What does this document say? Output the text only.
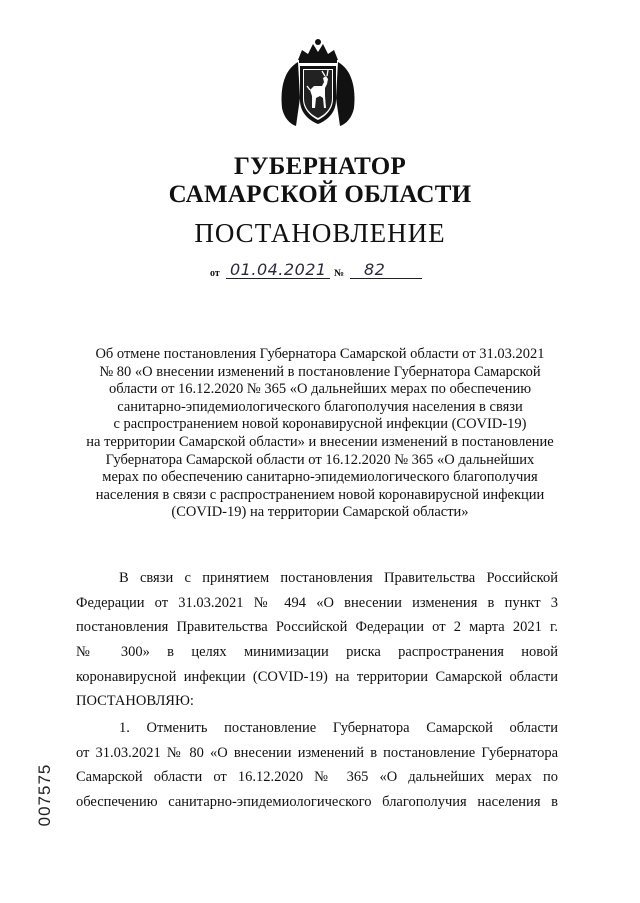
ГУБЕРНАТОР
САМАРСКОЙ ОБЛАСТИ
ПОСТАНОВЛЕНИЕ
от 01.04.2021 № 82
Об отмене постановления Губернатора Самарской области от 31.03.2021
№ 80 «О внесении изменений в постановление Губернатора Самарской
области от 16.12.2020 № 365 «О дальнейших мерах по обеспечению
санитарно-эпидемиологического благополучия населения в связи
с распространением новой коронавирусной инфекции (COVID-19)
на территории Самарской области» и внесении изменений в постановление
Губернатора Самарской области от 16.12.2020 № 365 «О дальнейших
мерах по обеспечению санитарно-эпидемиологического благополучия
населения в связи с распространением новой коронавирусной инфекции
(COVID-19) на территории Самарской области»
В связи с принятием постановления Правительства Российской
Федерации от 31.03.2021 № 494 «О внесении изменения в пункт 3
постановления Правительства Российской Федерации от 2 марта 2021 г.
№ 300» в целях минимизации риска распространения новой
коронавирусной инфекции (COVID-19) на территории Самарской области
ПОСТАНОВЛЯЮ:
1. Отменить постановление Губернатора Самарской области
от 31.03.2021 № 80 «О внесении изменений в постановление Губернатора
Самарской области от 16.12.2020 № 365 «О дальнейших мерах по
обеспечению санитарно-эпидемиологического благополучия населения в
007575
